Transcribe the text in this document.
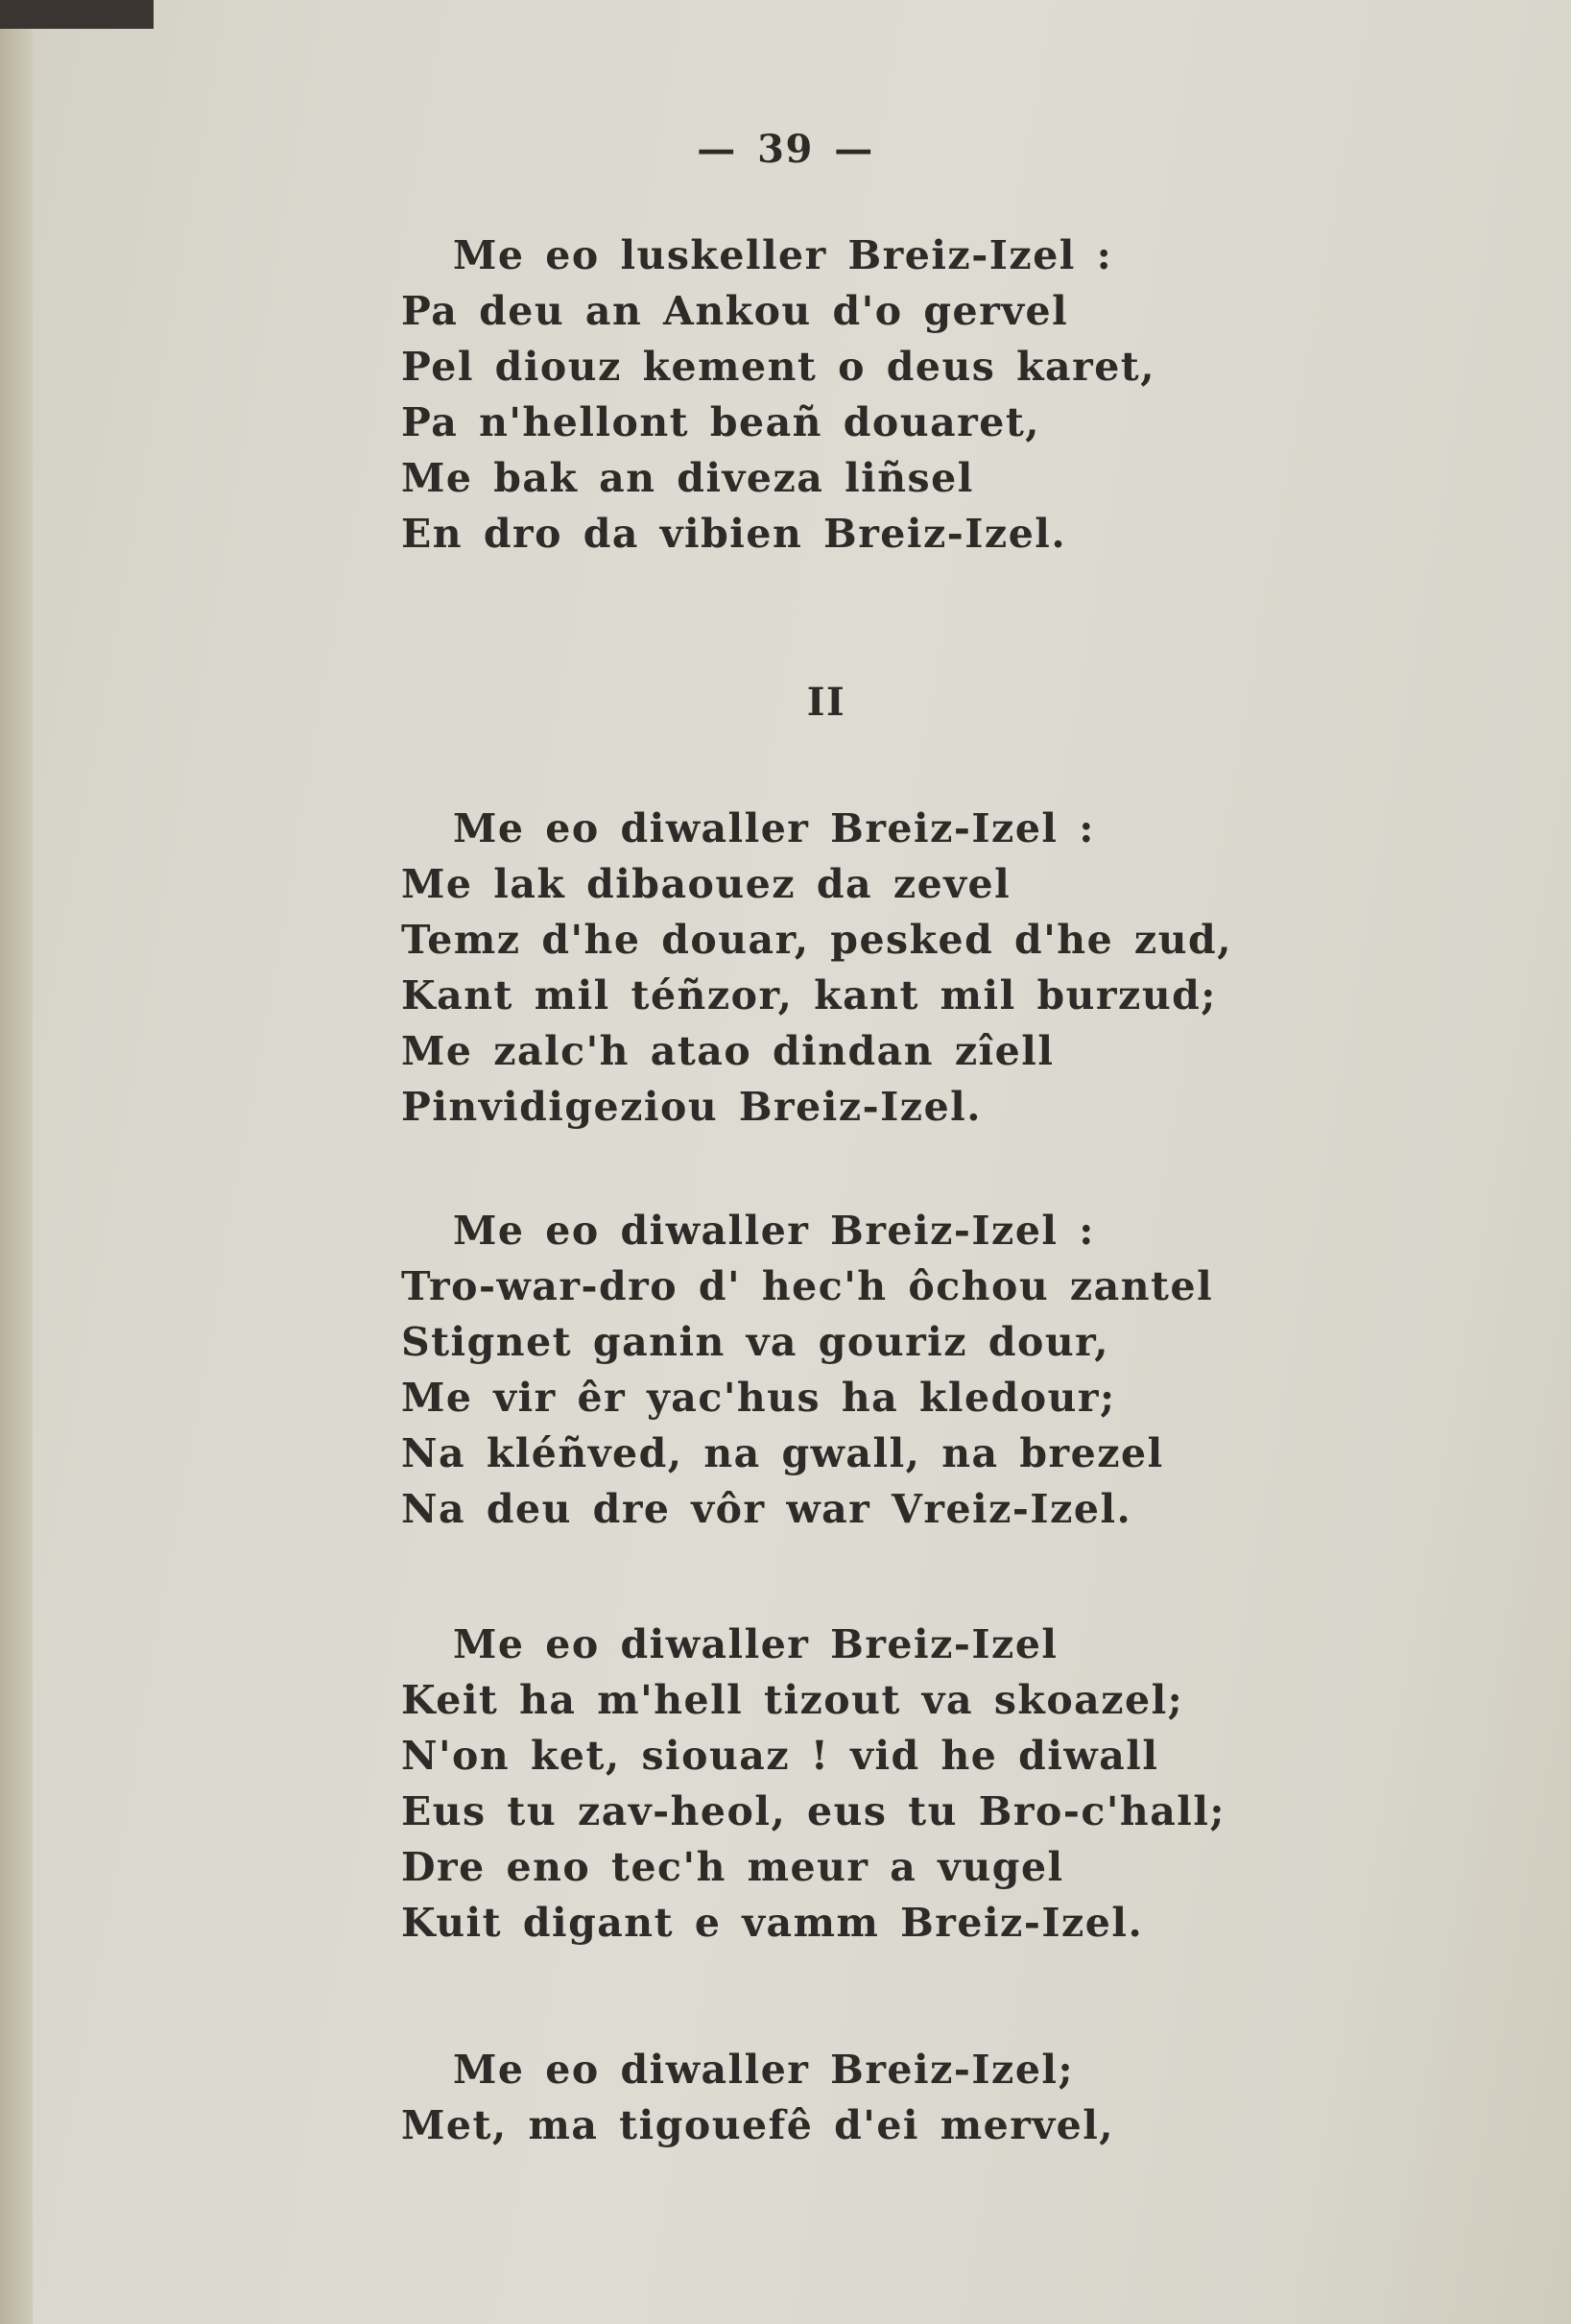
— 39 —
Me eo luskeller Breiz-Izel :
Pa deu an Ankou d'o gervel
Pel diouz kement o deus karet,
Pa n'hellont beañ douaret,
Me bak an diveza liñsel
En dro da vibien Breiz-Izel.
II
Me eo diwaller Breiz-Izel :
Me lak dibaouez da zevel
Temz d'he douar, pesked d'he zud,
Kant mil téñzor, kant mil burzud;
Me zalc'h atao dindan zîell
Pinvidigeziou Breiz-Izel.
Me eo diwaller Breiz-Izel :
Tro-war-dro d' hec'h ôchou zantel
Stignet ganin va gouriz dour,
Me vir êr yac'hus ha kledour;
Na kléñved, na gwall, na brezel
Na deu dre vôr war Vreiz-Izel.
Me eo diwaller Breiz-Izel
Keit ha m'hell tizout va skoazel;
N'on ket, siouaz ! vid he diwall
Eus tu zav-heol, eus tu Bro-c'hall;
Dre eno tec'h meur a vugel
Kuit digant e vamm Breiz-Izel.
Me eo diwaller Breiz-Izel;
Met, ma tigouefê d'ei mervel,
